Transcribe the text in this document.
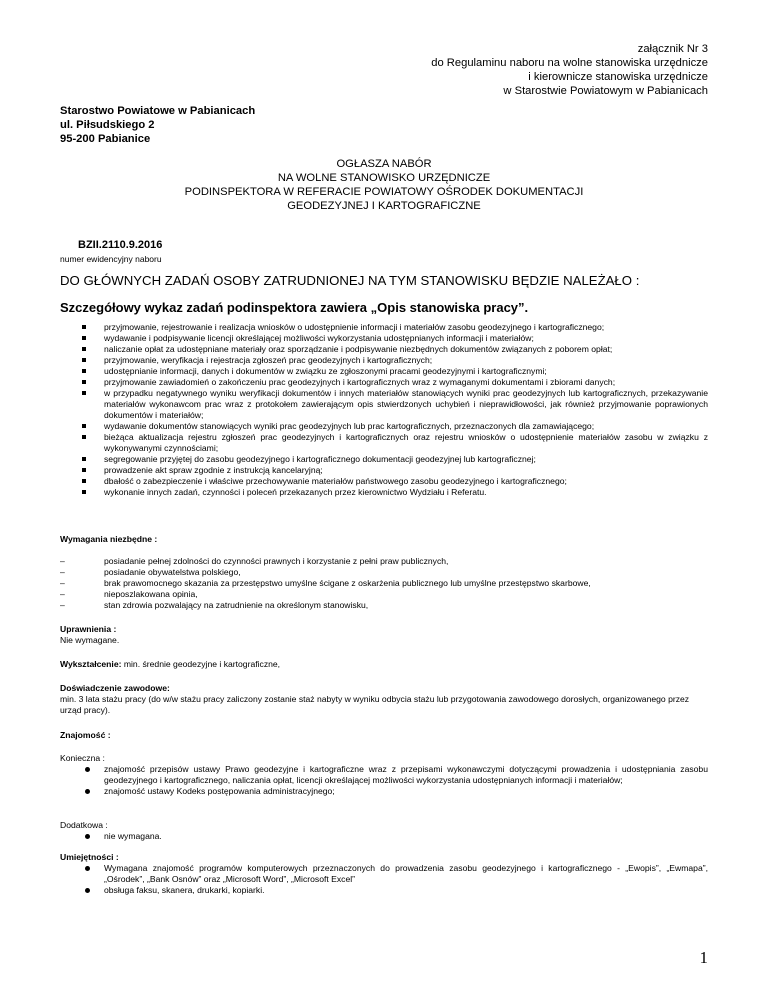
załącznik Nr 3
do Regulaminu naboru na wolne stanowiska urzędnicze
i kierownicze stanowiska urzędnicze
w Starostwie Powiatowym w Pabianicach
Starostwo Powiatowe w Pabianicach
ul. Piłsudskiego 2
95-200 Pabianice
OGŁASZA NABÓR
NA WOLNE STANOWISKO URZĘDNICZE
PODINSPEKTORA W REFERACIE POWIATOWY OŚRODEK DOKUMENTACJI
GEODEZYJNEJ I KARTOGRAFICZNE
BZII.2110.9.2016
numer ewidencyjny naboru
DO GŁÓWNYCH ZADAŃ OSOBY ZATRUDNIONEJ NA TYM STANOWISKU BĘDZIE NALEŻAŁO :
Szczegółowy wykaz zadań podinspektora zawiera „Opis stanowiska pracy”.
przyjmowanie, rejestrowanie i realizacja wniosków o udostępnienie informacji i materiałów zasobu geodezyjnego i kartograficznego;
wydawanie i podpisywanie licencji określającej możliwości wykorzystania udostępnianych informacji i materiałów;
naliczanie opłat za udostępniane materiały oraz sporządzanie i podpisywanie niezbędnych dokumentów związanych z poborem opłat;
przyjmowanie, weryfikacja i rejestracja zgłoszeń prac geodezyjnych i kartograficznych;
udostępnianie informacji, danych i dokumentów w związku ze zgłoszonymi pracami geodezyjnymi i kartograficznymi;
przyjmowanie zawiadomień o zakończeniu prac geodezyjnych i kartograficznych wraz z wymaganymi dokumentami i zbiorami danych;
w przypadku negatywnego wyniku weryfikacji dokumentów i innych materiałów stanowiących wyniki prac geodezyjnych lub kartograficznych, przekazywanie materiałów wykonawcom prac wraz z protokołem zawierającym opis stwierdzonych uchybień i nieprawidłowości, jak również przyjmowanie poprawionych dokumentów i materiałów;
wydawanie dokumentów stanowiących wyniki prac geodezyjnych lub prac kartograficznych, przeznaczonych dla zamawiającego;
bieżąca aktualizacja rejestru zgłoszeń prac geodezyjnych i kartograficznych oraz rejestru wniosków o udostępnienie materiałów zasobu w związku z wykonywanymi czynnościami;
segregowanie przyjętej do zasobu geodezyjnego i kartograficznego dokumentacji geodezyjnej lub kartograficznej;
prowadzenie akt spraw zgodnie z instrukcją kancelaryjną;
dbałość o zabezpieczenie i właściwe przechowywanie materiałów państwowego zasobu geodezyjnego i kartograficznego;
wykonanie innych zadań, czynności i poleceń przekazanych przez kierownictwo Wydziału i Referatu.
Wymagania niezbędne :
–	posiadanie pełnej zdolności do czynności prawnych i korzystanie z pełni praw publicznych,
–	posiadanie obywatelstwa polskiego,
–	brak prawomocnego skazania za przestępstwo umyślne ścigane z oskarżenia publicznego lub umyślne przestępstwo skarbowe,
–	nieposzlakowana opinia,
–	stan zdrowia pozwalający na zatrudnienie na określonym stanowisku,
Uprawnienia :
Nie wymagane.
Wykształcenie: min. średnie geodezyjne i kartograficzne,
Doświadczenie zawodowe:
min. 3 lata stażu pracy (do w/w stażu pracy zaliczony zostanie staż nabyty w wyniku odbycia stażu lub przygotowania zawodowego dorosłych, organizowanego przez urząd pracy).
Znajomość :
Konieczna :
znajomość przepisów ustawy Prawo geodezyjne i kartograficzne wraz z przepisami wykonawczymi dotyczącymi prowadzenia i udostępniania zasobu geodezyjnego i kartograficznego, naliczania opłat, licencji określającej możliwości wykorzystania udostępnianych informacji i materiałów;
znajomość ustawy Kodeks postępowania administracyjnego;
Dodatkowa :
nie wymagana.
Umiejętności :
Wymagana znajomość programów komputerowych przeznaczonych do prowadzenia zasobu geodezyjnego i kartograficznego - „Ewopis”, „Ewmapa”, „Ośrodek”, „Bank Osnów” oraz „Microsoft Word”, „Microsoft Excel”
obsługa faksu, skanera, drukarki, kopiarki.
1
